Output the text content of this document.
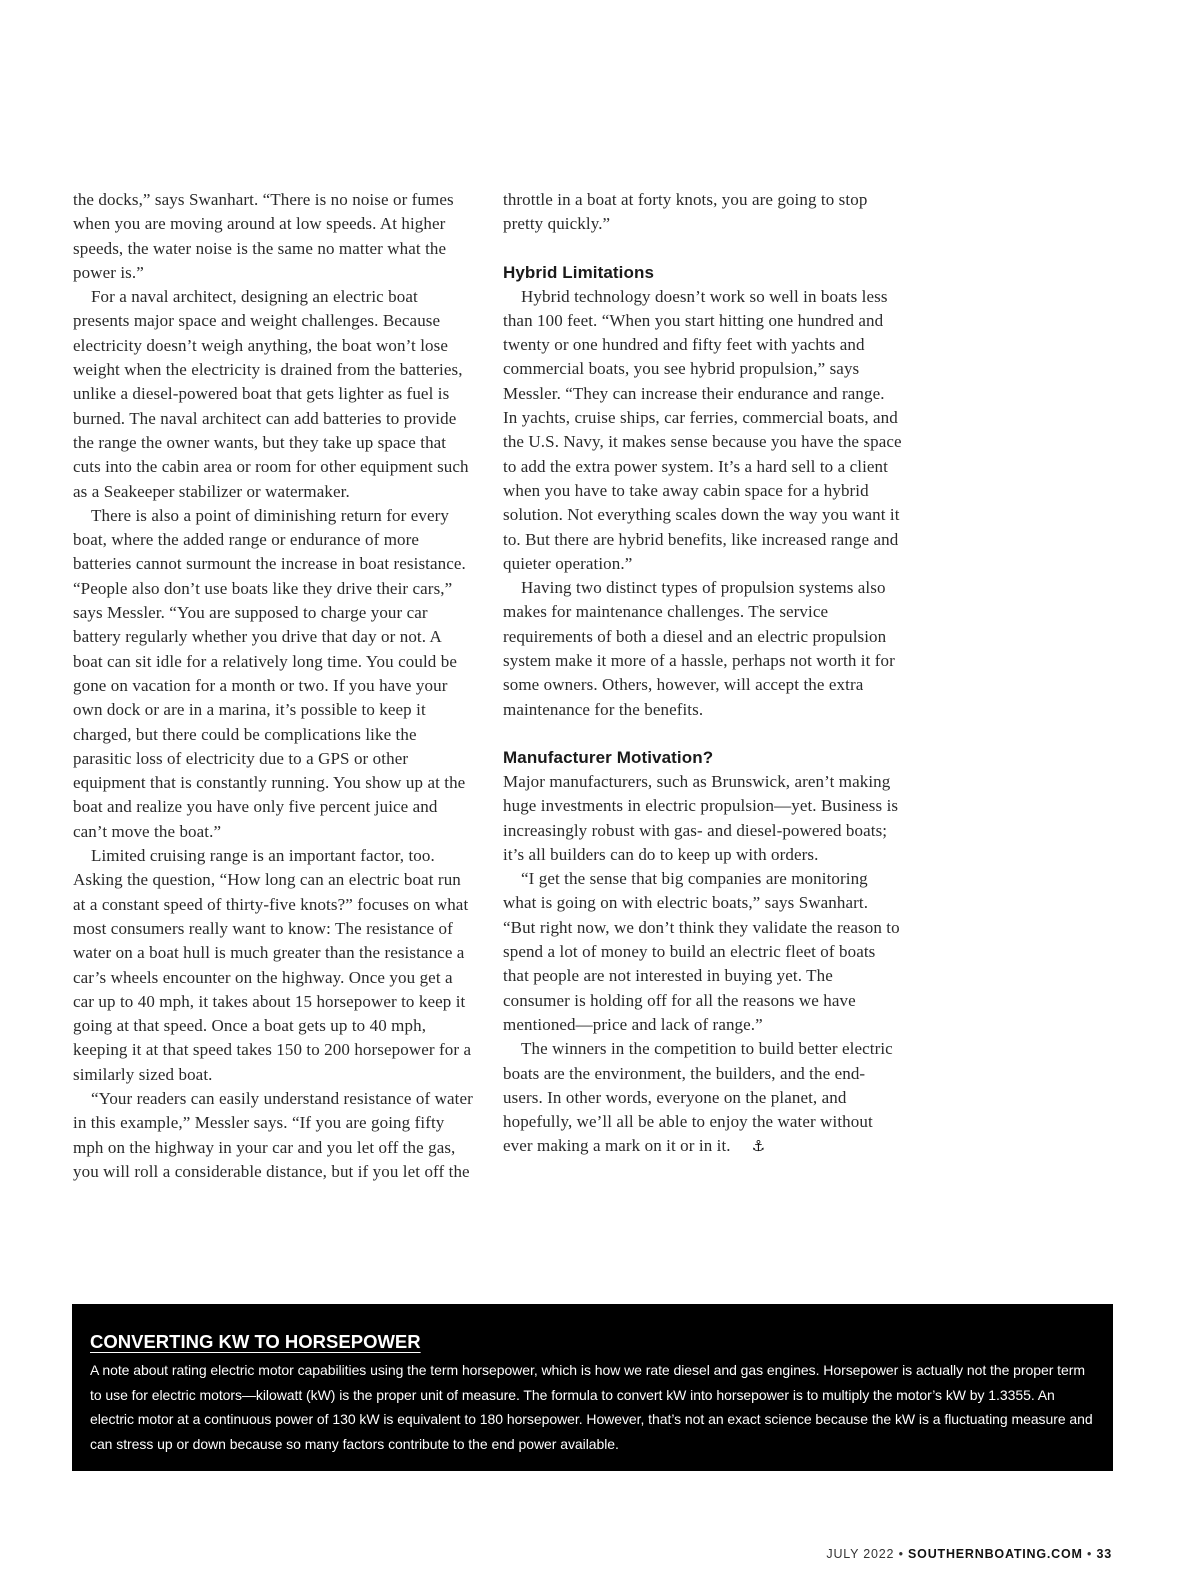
the docks,” says Swanhart. “There is no noise or fumes when you are moving around at low speeds. At higher speeds, the water noise is the same no matter what the power is.”

For a naval architect, designing an electric boat presents major space and weight challenges. Because electricity doesn’t weigh anything, the boat won’t lose weight when the electricity is drained from the batteries, unlike a diesel-powered boat that gets lighter as fuel is burned. The naval architect can add batteries to provide the range the owner wants, but they take up space that cuts into the cabin area or room for other equipment such as a Seakeeper stabilizer or watermaker.

There is also a point of diminishing return for every boat, where the added range or endurance of more batteries cannot surmount the increase in boat resistance. “People also don’t use boats like they drive their cars,” says Messler. “You are supposed to charge your car battery regularly whether you drive that day or not. A boat can sit idle for a relatively long time. You could be gone on vacation for a month or two. If you have your own dock or are in a marina, it’s possible to keep it charged, but there could be complications like the parasitic loss of electricity due to a GPS or other equipment that is constantly running. You show up at the boat and realize you have only five percent juice and can’t move the boat.”

Limited cruising range is an important factor, too. Asking the question, “How long can an electric boat run at a constant speed of thirty-five knots?” focuses on what most consumers really want to know: The resistance of water on a boat hull is much greater than the resistance a car’s wheels encounter on the highway. Once you get a car up to 40 mph, it takes about 15 horsepower to keep it going at that speed. Once a boat gets up to 40 mph, keeping it at that speed takes 150 to 200 horsepower for a similarly sized boat.

“Your readers can easily understand resistance of water in this example,” Messler says. “If you are going fifty mph on the highway in your car and you let off the gas, you will roll a considerable distance, but if you let off the

throttle in a boat at forty knots, you are going to stop pretty quickly.”

Hybrid Limitations

Hybrid technology doesn’t work so well in boats less than 100 feet. “When you start hitting one hundred and twenty or one hundred and fifty feet with yachts and commercial boats, you see hybrid propulsion,” says Messler. “They can increase their endurance and range. In yachts, cruise ships, car ferries, commercial boats, and the U.S. Navy, it makes sense because you have the space to add the extra power system. It’s a hard sell to a client when you have to take away cabin space for a hybrid solution. Not everything scales down the way you want it to. But there are hybrid benefits, like increased range and quieter operation.”

Having two distinct types of propulsion systems also makes for maintenance challenges. The service requirements of both a diesel and an electric propulsion system make it more of a hassle, perhaps not worth it for some owners. Others, however, will accept the extra maintenance for the benefits.

Manufacturer Motivation?

Major manufacturers, such as Brunswick, aren’t making huge investments in electric propulsion—yet. Business is increasingly robust with gas- and diesel-powered boats; it’s all builders can do to keep up with orders.

“I get the sense that big companies are monitoring what is going on with electric boats,” says Swanhart. “But right now, we don’t think they validate the reason to spend a lot of money to build an electric fleet of boats that people are not interested in buying yet. The consumer is holding off for all the reasons we have mentioned—price and lack of range.”

The winners in the competition to build better electric boats are the environment, the builders, and the end-users. In other words, everyone on the planet, and hopefully, we’ll all be able to enjoy the water without ever making a mark on it or in it. ⚓

CONVERTING KW TO HORSEPOWER

A note about rating electric motor capabilities using the term horsepower, which is how we rate diesel and gas engines. Horsepower is actually not the proper term to use for electric motors—kilowatt (kW) is the proper unit of measure. The formula to convert kW into horsepower is to multiply the motor’s kW by 1.3355. An electric motor at a continuous power of 130 kW is equivalent to 180 horsepower. However, that’s not an exact science because the kW is a fluctuating measure and can stress up or down because so many factors contribute to the end power available.

JULY 2022 • SOUTHERNBOATING.COM • 33
